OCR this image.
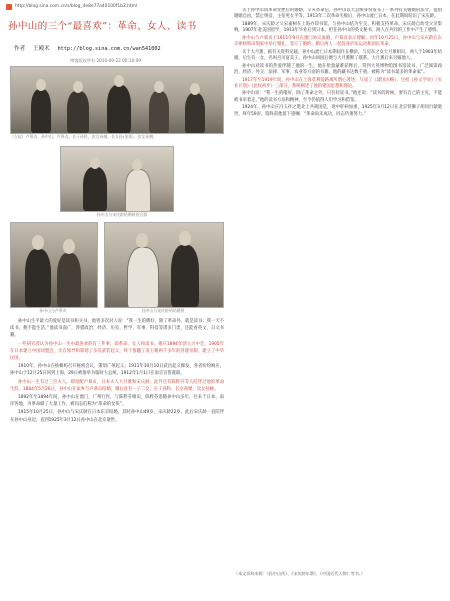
http://blog.sina.com.cn/s/blog_4e8e77a40100f1b2.html
孙中山的三个“最喜欢”：革命、女人、读书
作者 王殿术 http://blog.sina.com.cn/wan541002
博客版权所有 2010-09-22 00:10:09
（左起）卢慕贞、孙中山、卢慕贞、长子孙科、次女孙婉、长女孙(金延)、次女孙婉。
孙中山与宋庆龄结婚时的合影
孙中山与卢慕贞	孙中山与宋庆龄的结婚照

孙中山生平最大的爱好是读书和买书，他曾多次对人说：“我一生的嗜好，除了革命外，就是读书；我一天不读书，便不能生活。”他读书面广，涉猎政治、经济、历史、哲学、军事、科技等诸多门类，还能看英文、日文书籍。

一些研究者认为孙中山一生中最喜欢的有三件事，即革命、女人和读书。他在1894年创立兴中会，1905年在日本建立中国同盟会，亲自领导和策划了多次武装起义，终于推翻了清王朝两千多年的封建帝制，建立了中华民国。

1910年，孙中山在槟榔屿召开秘密会议，策划广州起义；1911年10月10日武昌起义爆发，各省纷纷响应，孙中山于12月25日回到上海，29日被推举为临时大总统，1912年1月1日在南京宣誓就职。

孙中山一生有过三位夫人，即原配卢慕贞、日本夫人大月薰和宋庆龄；此外还有陈粹芬等人陪伴过他的革命生涯。1884年5月26日，孙中山在家乡与卢慕贞结婚，婚后育有一子二女，长子孙科、长女孙娫、次女孙婉。

1892年至1894年间，孙中山在澳门、广州行医，与陈粹芬相识，陈粹芬追随孙中山多年，往来于日本、南洋各地，为革命做了大量工作，被同志们称为“革命的女侠”。

1915年10月25日，孙中山与宋庆龄在日本东京结婚，其时孙中山49岁，宋庆龄22岁。此后宋庆龄一直陪伴在孙中山身边，直到1925年3月12日孙中山在北京逝世。

关于孙中山同革命受挫后的婚姻，辛亥革命后，孙中山以大总统身份发布了一系列有关婚姻的法令，提倡婚姻自由，禁止纳妾，主张男女平等。1913年二次革命失败后，孙中山流亡日本，在此期间结识了宋庆龄。

1889年，宋庆龄之父宋嘉树在上海办印书馆，与孙中山结为至交，积极支持革命。宋庆龄自幼受父亲影响，1907年赴美国留学，1913年毕业后到日本，担任孙中山的英文秘书，两人在共同的工作中产生了感情。

孙中山与卢慕贞于1915年9月在澳门协议离婚，卢慕贞表示理解。同年10月25日，孙中山与宋庆龄在东京律师和田瑞家中举行婚礼，签订了婚约，婚后两人一起投身护法运动和国民革命。

关于大月薰，据有关资料记载，孙中山流亡日本期间住在横滨，与房东之女大月薰相识，两人于1903年结婚，后生有一女，名叫宫川富美子。孙中山回国后便与大月薰断了联系，大月薰后来另嫁他人。

孙中山对读书的热爱伴随了他的一生。他在伦敦蒙难获释后，常到大英博物馆图书馆读书，广泛阅读政治、经济、外交、法律、军事、农业等方面的书籍。他的藏书达数千册，被称为“读书最多的革命家”。

1917年至1919年间，孙中山在上海莫利爱路寓所潜心著述，写成了《建国方略》，包括《孙文学说》《实业计划》《民权初步》三部分，系统阐述了他的建国思想和理论。

孙中山说：“我一生的嗜好，除了革命之外，只有好读书。”他还说：“读书的时候，要有自己的主见，不能被书牵着走。”他的读书方法和精神，至今仍值得人们学习和借鉴。

1924年，孙中山应冯玉祥之邀北上共商国是，途中肝病加重，1925年3月12日在北京铁狮子胡同行辕逝世，终年59岁。临终前他留下遗嘱：“革命尚未成功，同志仍须努力。”

（本文资料来源：《孙中山传》、《宋庆龄年谱》、《中国近代人物》等书。）
